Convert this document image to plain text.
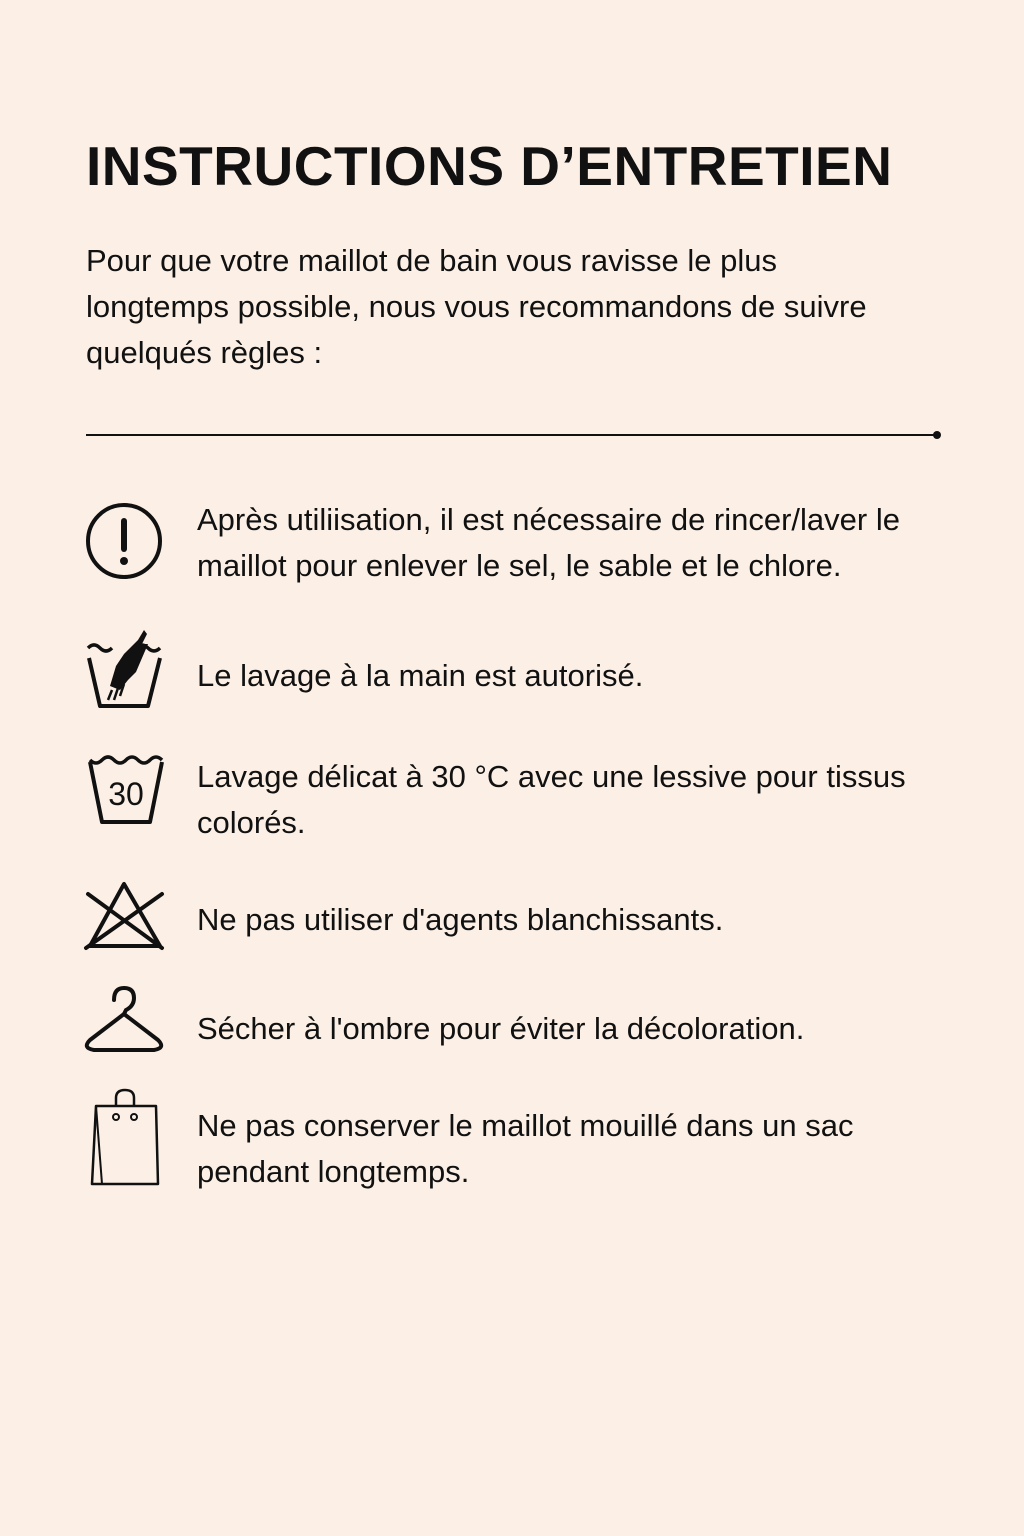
INSTRUCTIONS D’ENTRETIEN

Pour que votre maillot de bain vous ravisse le plus longtemps possible, nous vous recommandons de suivre quelqués règles :

Après utiliisation, il est nécessaire de rincer/laver le maillot pour enlever le sel, le sable et le chlore.

Le lavage à la main est autorisé.

30 Lavage délicat à 30 °C avec une lessive pour tissus colorés.

Ne pas utiliser d'agents blanchissants.

Sécher à l'ombre pour éviter la décoloration.

Ne pas conserver le maillot mouillé dans un sac pendant longtemps.
